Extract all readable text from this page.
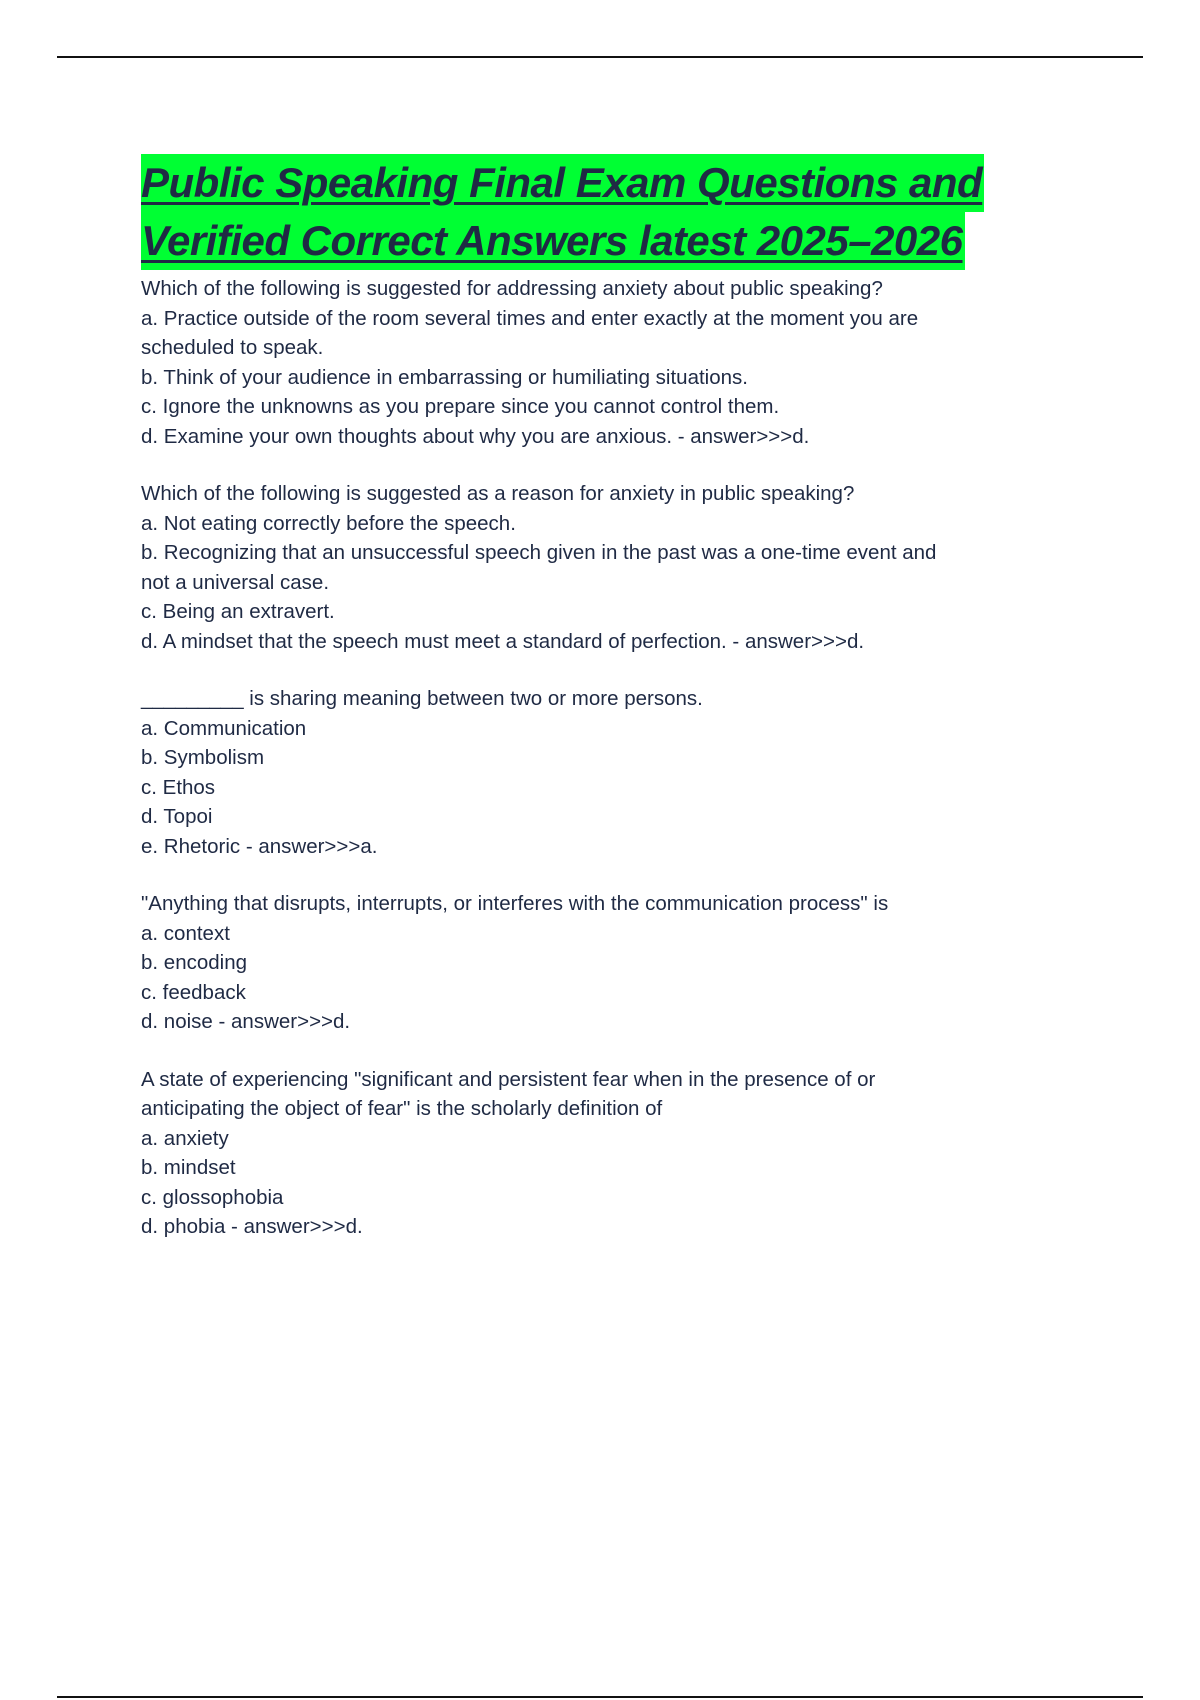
Public Speaking Final Exam Questions and
Verified Correct Answers latest 2025–2026
Which of the following is suggested for addressing anxiety about public speaking?
a. Practice outside of the room several times and enter exactly at the moment you are
scheduled to speak.
b. Think of your audience in embarrassing or humiliating situations.
c. Ignore the unknowns as you prepare since you cannot control them.
d. Examine your own thoughts about why you are anxious. - answer>>>d.
Which of the following is suggested as a reason for anxiety in public speaking?
a. Not eating correctly before the speech.
b. Recognizing that an unsuccessful speech given in the past was a one-time event and
not a universal case.
c. Being an extravert.
d. A mindset that the speech must meet a standard of perfection. - answer>>>d.
_________ is sharing meaning between two or more persons.
a. Communication
b. Symbolism
c. Ethos
d. Topoi
e. Rhetoric - answer>>>a.
"Anything that disrupts, interrupts, or interferes with the communication process" is
a. context
b. encoding
c. feedback
d. noise - answer>>>d.
A state of experiencing "significant and persistent fear when in the presence of or
anticipating the object of fear" is the scholarly definition of
a. anxiety
b. mindset
c. glossophobia
d. phobia - answer>>>d.
